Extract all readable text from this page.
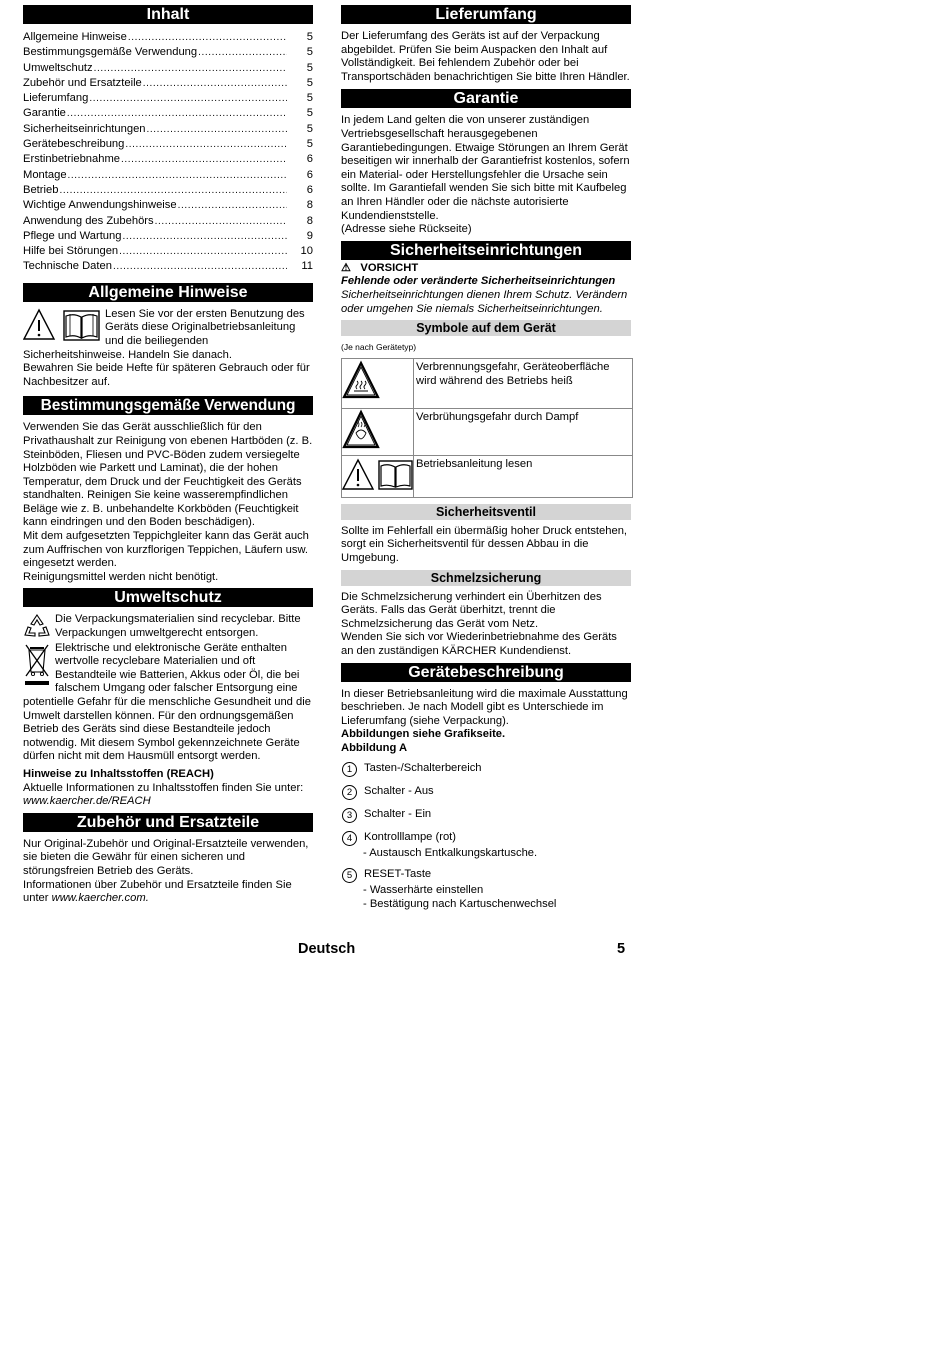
Inhalt
Allgemeine Hinweise .....	5
Bestimmungsgemäße Verwendung .....	5
Umweltschutz .....	5
Zubehör und Ersatzteile .....	5
Lieferumfang .....	5
Garantie .....	5
Sicherheitseinrichtungen .....	5
Gerätebeschreibung .....	5
Erstinbetriebnahme .....	6
Montage .....	6
Betrieb .....	6
Wichtige Anwendungshinweise .....	8
Anwendung des Zubehörs .....	8
Pflege und Wartung .....	9
Hilfe bei Störungen .....	10
Technische Daten .....	11
Allgemeine Hinweise

Lesen Sie vor der ersten Benutzung des Geräts diese Originalbetriebsanleitung und die beiliegenden Sicherheitshinweise. Handeln Sie danach.

Bewahren Sie beide Hefte für späteren Gebrauch oder für Nachbesitzer auf.

Bestimmungsgemäße Verwendung

Verwenden Sie das Gerät ausschließlich für den Privathaushalt zur Reinigung von ebenen Hartböden (z. B. Steinböden, Fliesen und PVC-Böden zudem versiegelte Holzböden wie Parkett und Laminat), die der hohen Temperatur, dem Druck und der Feuchtigkeit des Geräts standhalten. Reinigen Sie keine wasserempfindlichen Beläge wie z. B. unbehandelte Korkböden (Feuchtigkeit kann eindringen und den Boden beschädigen).

Mit dem aufgesetzten Teppichgleiter kann das Gerät auch zum Auffrischen von kurzflorigen Teppichen, Läufern usw. eingesetzt werden.

Reinigungsmittel werden nicht benötigt.

Umweltschutz

Die Verpackungsmaterialien sind recyclebar. Bitte Verpackungen umweltgerecht entsorgen.

Elektrische und elektronische Geräte enthalten wertvolle recyclebare Materialien und oft Bestandteile wie Batterien, Akkus oder Öl, die bei falschem Umgang oder falscher Entsorgung eine potentielle Gefahr für die menschliche Gesundheit und die Umwelt darstellen können. Für den ordnungsgemäßen Betrieb des Geräts sind diese Bestandteile jedoch notwendig. Mit diesem Symbol gekennzeichnete Geräte dürfen nicht mit dem Hausmüll entsorgt werden.

Hinweise zu Inhaltsstoffen (REACH)

Aktuelle Informationen zu Inhaltsstoffen finden Sie unter: www.kaercher.de/REACH

Zubehör und Ersatzteile

Nur Original-Zubehör und Original-Ersatzteile verwenden, sie bieten die Gewähr für einen sicheren und störungsfreien Betrieb des Geräts.

Informationen über Zubehör und Ersatzteile finden Sie unter www.kaercher.com.

Lieferumfang

Der Lieferumfang des Geräts ist auf der Verpackung abgebildet. Prüfen Sie beim Auspacken den Inhalt auf Vollständigkeit. Bei fehlendem Zubehör oder bei Transportschäden benachrichtigen Sie bitte Ihren Händler.

Garantie

In jedem Land gelten die von unserer zuständigen Vertriebsgesellschaft herausgegebenen Garantiebedingungen. Etwaige Störungen an Ihrem Gerät beseitigen wir innerhalb der Garantiefrist kostenlos, sofern ein Material- oder Herstellungsfehler die Ursache sein sollte. Im Garantiefall wenden Sie sich bitte mit Kaufbeleg an Ihren Händler oder die nächste autorisierte Kundendienststelle.

(Adresse siehe Rückseite)

Sicherheitseinrichtungen

⚠ VORSICHT

Fehlende oder veränderte Sicherheitseinrichtungen

Sicherheitseinrichtungen dienen Ihrem Schutz. Verändern oder umgehen Sie niemals Sicherheitseinrichtungen.

Symbole auf dem Gerät

(Je nach Gerätetyp)

	Verbrennungsgefahr, Geräteoberfläche wird während des Betriebs heiß
	Verbrühungsgefahr durch Dampf
	Betriebsanleitung lesen
Sicherheitsventil

Sollte im Fehlerfall ein übermäßig hoher Druck entstehen, sorgt ein Sicherheitsventil für dessen Abbau in die Umgebung.

Schmelzsicherung

Die Schmelzsicherung verhindert ein Überhitzen des Geräts. Falls das Gerät überhitzt, trennt die Schmelzsicherung das Gerät vom Netz.

Wenden Sie sich vor Wiederinbetriebnahme des Geräts an den zuständigen KÄRCHER Kundendienst.

Gerätebeschreibung

In dieser Betriebsanleitung wird die maximale Ausstattung beschrieben. Je nach Modell gibt es Unterschiede im Lieferumfang (siehe Verpackung).

Abbildungen siehe Grafikseite.

Abbildung A

1	Tasten-/Schalterbereich
2	Schalter - Aus
3	Schalter - Ein
4	Kontrolllampe (rot)
- Austausch Entkalkungskartusche.
5	RESET-Taste
- Wasserhärte einstellen
- Bestätigung nach Kartuschenwechsel
Deutsch	5
